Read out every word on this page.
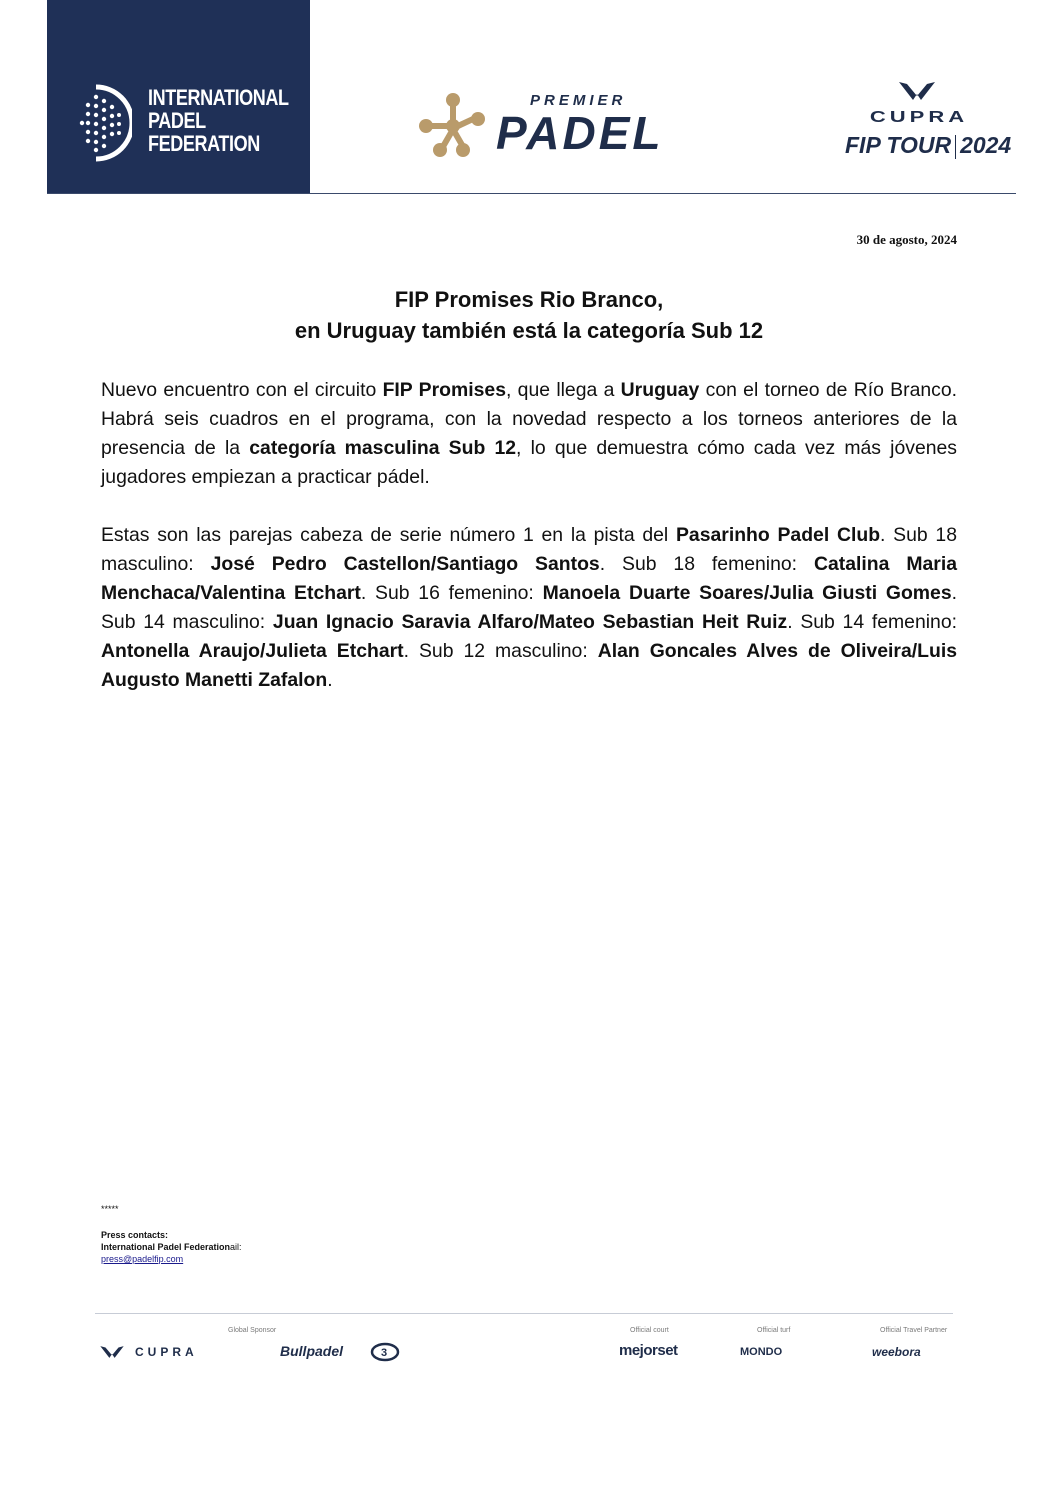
INTERNATIONAL
PADEL
FEDERATION
PREMIER
PADEL	CUPRA
FIP TOUR 2024
30 de agosto, 2024
FIP Promises Rio Branco,
en Uruguay también está la categoría Sub 12
Nuevo encuentro con el circuito FIP Promises, que llega a Uruguay con el torneo de Río Branco. Habrá seis cuadros en el programa, con la novedad respecto a los torneos anteriores de la presencia de la categoría masculina Sub 12, lo que demuestra cómo cada vez más jóvenes jugadores empiezan a practicar pádel.
Estas son las parejas cabeza de serie número 1 en la pista del Pasarinho Padel Club. Sub 18 masculino: José Pedro Castellon/Santiago Santos. Sub 18 femenino: Catalina Maria Menchaca/Valentina Etchart. Sub 16 femenino: Manoela Duarte Soares/Julia Giusti Gomes. Sub 14 masculino: Juan Ignacio Saravia Alfaro/Mateo Sebastian Heit Ruiz. Sub 14 femenino: Antonella Araujo/Julieta Etchart. Sub 12 masculino: Alan Goncales Alves de Oliveira/Luis Augusto Manetti Zafalon.
*****
Press contacts:
International Padel Federationail:
press@padelfip.com
Global Sponsor	Official court	Official turf	Official Travel Partner
CUPRA	Bullpadel	3	mejorset	MONDO	weebora
